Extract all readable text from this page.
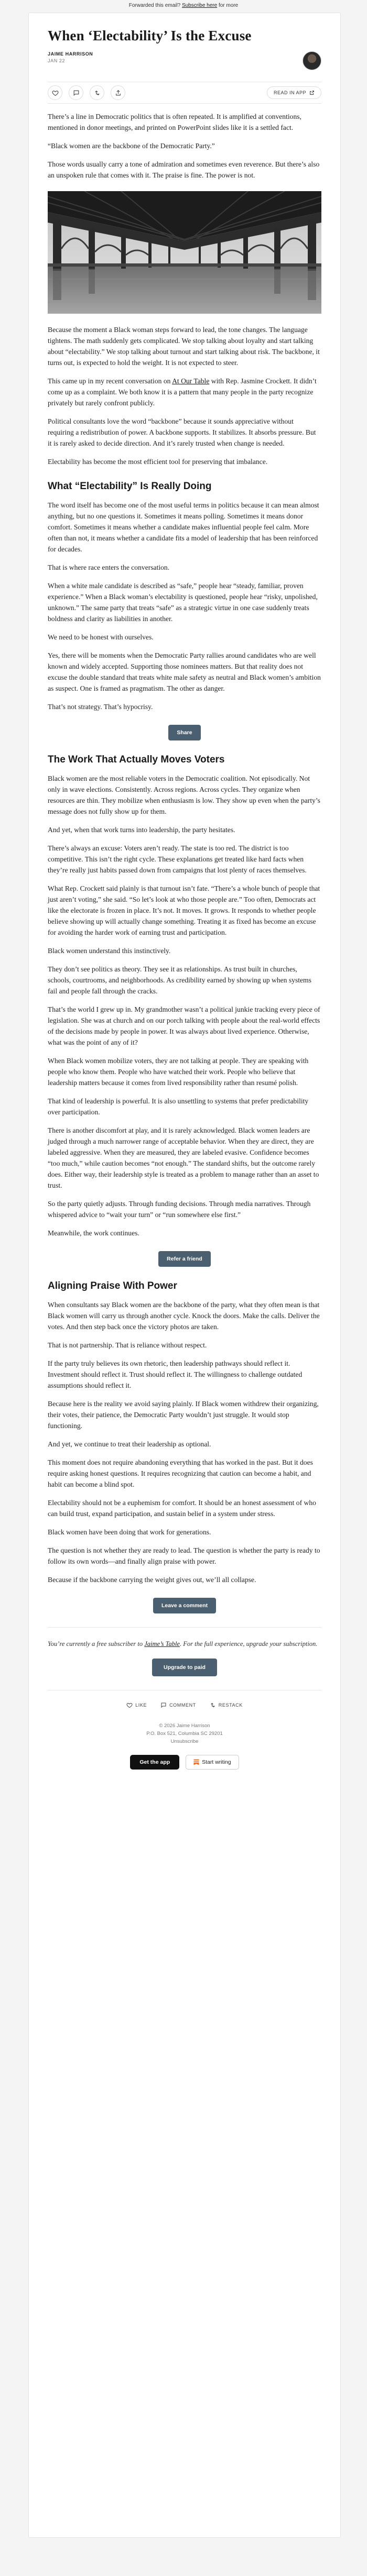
Forwarded this email? Subscribe here for more
When ‘Electability’ Is the Excuse
JAIME HARRISON
JAN 22
READ IN APP

There’s a line in Democratic politics that is often repeated. It is amplified at conventions, mentioned in donor meetings, and printed on PowerPoint slides like it is a settled fact.

“Black women are the backbone of the Democratic Party.”

Those words usually carry a tone of admiration and sometimes even reverence. But there’s also an unspoken rule that comes with it. The praise is fine. The power is not.

Because the moment a Black woman steps forward to lead, the tone changes. The language tightens. The math suddenly gets complicated. We stop talking about loyalty and start talking about “electability.” We stop talking about turnout and start talking about risk. The backbone, it turns out, is expected to hold the weight. It is not expected to steer.

This came up in my recent conversation on At Our Table with Rep. Jasmine Crockett. It didn’t come up as a complaint. We both know it is a pattern that many people in the party recognize privately but rarely confront publicly.

Political consultants love the word “backbone” because it sounds appreciative without requiring a redistribution of power. A backbone supports. It stabilizes. It absorbs pressure. But it is rarely asked to decide direction. And it’s rarely trusted when change is needed.

Electability has become the most efficient tool for preserving that imbalance.

What “Electability” Is Really Doing

The word itself has become one of the most useful terms in politics because it can mean almost anything, but no one questions it. Sometimes it means polling. Sometimes it means donor comfort. Sometimes it means whether a candidate makes influential people feel calm. More often than not, it means whether a candidate fits a model of leadership that has been reinforced for decades.

That is where race enters the conversation.

When a white male candidate is described as “safe,” people hear “steady, familiar, proven experience.” When a Black woman’s electability is questioned, people hear “risky, unpolished, unknown.” The same party that treats “safe” as a strategic virtue in one case suddenly treats boldness and clarity as liabilities in another.

We need to be honest with ourselves.

Yes, there will be moments when the Democratic Party rallies around candidates who are well known and widely accepted. Supporting those nominees matters. But that reality does not excuse the double standard that treats white male safety as neutral and Black women’s ambition as suspect. One is framed as pragmatism. The other as danger.

That’s not strategy. That’s hypocrisy.

Share
The Work That Actually Moves Voters

Black women are the most reliable voters in the Democratic coalition. Not episodically. Not only in wave elections. Consistently. Across regions. Across cycles. They organize when resources are thin. They mobilize when enthusiasm is low. They show up even when the party’s message does not fully show up for them.

And yet, when that work turns into leadership, the party hesitates.

There’s always an excuse: Voters aren’t ready. The state is too red. The district is too competitive. This isn’t the right cycle. These explanations get treated like hard facts when they’re really just habits passed down from campaigns that lost plenty of races themselves.

What Rep. Crockett said plainly is that turnout isn’t fate. “There’s a whole bunch of people that just aren’t voting,” she said. “So let’s look at who those people are.” Too often, Democrats act like the electorate is frozen in place. It’s not. It moves. It grows. It responds to whether people believe showing up will actually change something. Treating it as fixed has become an excuse for avoiding the harder work of earning trust and participation.

Black women understand this instinctively.

They don’t see politics as theory. They see it as relationships. As trust built in churches, schools, courtrooms, and neighborhoods. As credibility earned by showing up when systems fail and people fall through the cracks.

That’s the world I grew up in. My grandmother wasn’t a political junkie tracking every piece of legislation. She was at church and on our porch talking with people about the real-world effects of the decisions made by people in power. It was always about lived experience. Otherwise, what was the point of any of it?

When Black women mobilize voters, they are not talking at people. They are speaking with people who know them. People who have watched their work. People who believe that leadership matters because it comes from lived responsibility rather than resumé polish.

That kind of leadership is powerful. It is also unsettling to systems that prefer predictability over participation.

There is another discomfort at play, and it is rarely acknowledged. Black women leaders are judged through a much narrower range of acceptable behavior. When they are direct, they are labeled aggressive. When they are measured, they are labeled evasive. Confidence becomes “too much,” while caution becomes “not enough.” The standard shifts, but the outcome rarely does. Either way, their leadership style is treated as a problem to manage rather than an asset to trust.

So the party quietly adjusts. Through funding decisions. Through media narratives. Through whispered advice to “wait your turn” or “run somewhere else first.”

Meanwhile, the work continues.

Refer a friend
Aligning Praise With Power

When consultants say Black women are the backbone of the party, what they often mean is that Black women will carry us through another cycle. Knock the doors. Make the calls. Deliver the votes. And then step back once the victory photos are taken.

That is not partnership. That is reliance without respect.

If the party truly believes its own rhetoric, then leadership pathways should reflect it. Investment should reflect it. Trust should reflect it. The willingness to challenge outdated assumptions should reflect it.

Because here is the reality we avoid saying plainly. If Black women withdrew their organizing, their votes, their patience, the Democratic Party wouldn’t just struggle. It would stop functioning.

And yet, we continue to treat their leadership as optional.

This moment does not require abandoning everything that has worked in the past. But it does require asking honest questions. It requires recognizing that caution can become a habit, and habit can become a blind spot.

Electability should not be a euphemism for comfort. It should be an honest assessment of who can build trust, expand participation, and sustain belief in a system under stress.

Black women have been doing that work for generations.

The question is not whether they are ready to lead. The question is whether the party is ready to follow its own words—and finally align praise with power.

Because if the backbone carrying the weight gives out, we’ll all collapse.

Leave a comment
You’re currently a free subscriber to Jaime’s Table. For the full experience, upgrade your subscription.
Upgrade to paid
LIKE	COMMENT	RESTACK
© 2026 Jaime Harrison
P.O. Box 521, Columbia SC 29201
Unsubscribe
Get the app	Start writing
